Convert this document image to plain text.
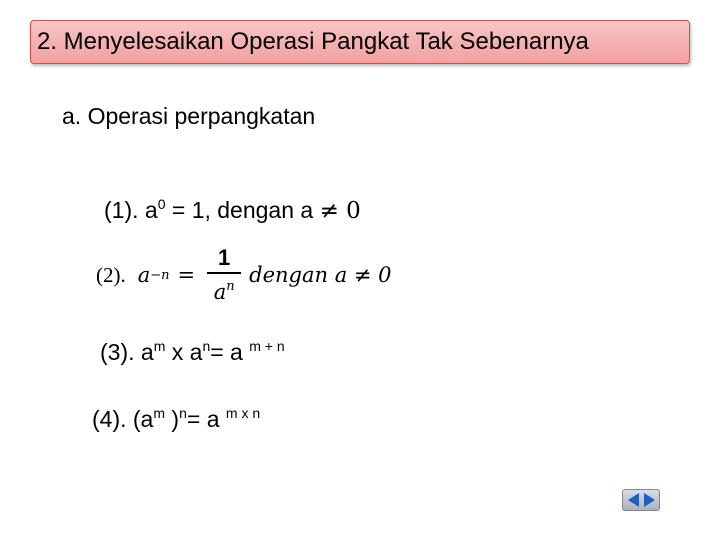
2. Menyelesaikan Operasi Pangkat Tak Sebenarnya
a. Operasi perpangkatan
(1). $a^0 = 1$, dengan a ≠ 0
(2). $a -n = \frac{1}{a^n}$ dengan a ≠ 0
(3). $a^m$ x $a^n= a$ $^{m + n}$
(4). ($a^m$ )$^n$= a $^{m x n}$
